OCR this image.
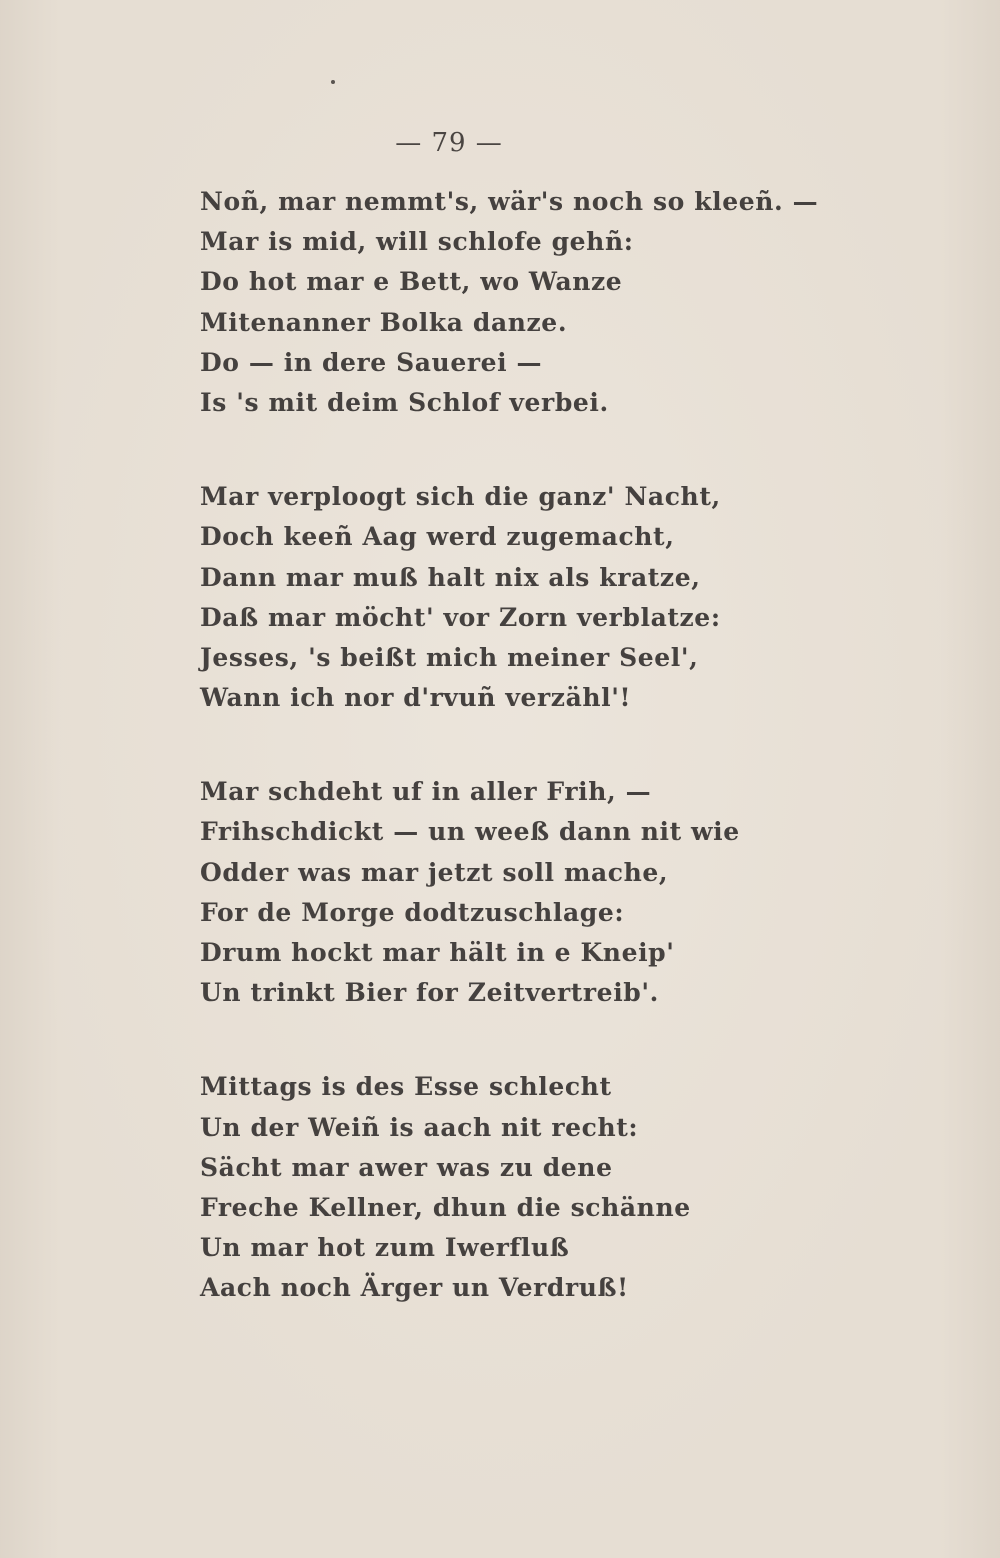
— 79 —
Noñ, mar nemmt's, wär's noch so kleeñ. —
Mar is mid, will schlofe gehñ:
Do hot mar e Bett, wo Wanze
Mitenanner Bolka danze.
Do — in dere Sauerei —
Is 's mit deim Schlof verbei.
Mar verploogt sich die ganz' Nacht,
Doch keeñ Aag werd zugemacht,
Dann mar muß halt nix als kratze,
Daß mar möcht' vor Zorn verblatze:
Jesses, 's beißt mich meiner Seel',
Wann ich nor d'rvuñ verzähl'!
Mar schdeht uf in aller Frih, —
Frihschdickt — un weeß dann nit wie
Odder was mar jetzt soll mache,
For de Morge dodtzuschlage:
Drum hockt mar hält in e Kneip'
Un trinkt Bier for Zeitvertreib'.
Mittags is des Esse schlecht
Un der Weiñ is aach nit recht:
Sächt mar awer was zu dene
Freche Kellner, dhun die schänne
Un mar hot zum Iwerfluß
Aach noch Ärger un Verdruß!
